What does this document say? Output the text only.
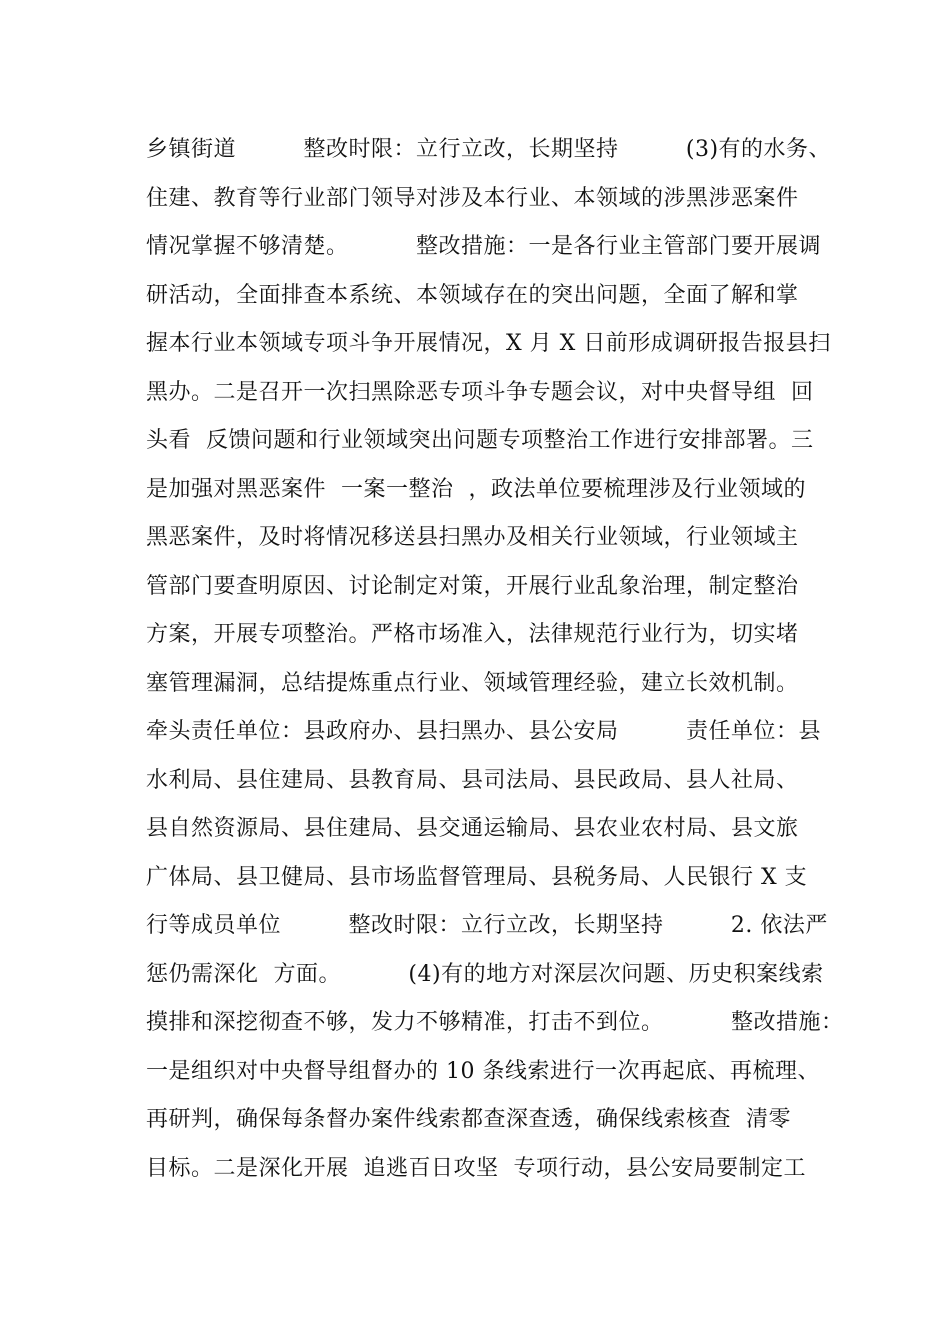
乡镇街道         整改时限：立行立改，长期坚持         (3)有的水务、
住建、教育等行业部门领导对涉及本行业、本领域的涉黑涉恶案件
情况掌握不够清楚。         整改措施：一是各行业主管部门要开展调
研活动，全面排查本系统、本领域存在的突出问题，全面了解和掌
握本行业本领域专项斗争开展情况，X 月 X 日前形成调研报告报县扫
黑办。二是召开一次扫黑除恶专项斗争专题会议，对中央督导组  回
头看  反馈问题和行业领域突出问题专项整治工作进行安排部署。三
是加强对黑恶案件  一案一整治  ，政法单位要梳理涉及行业领域的
黑恶案件，及时将情况移送县扫黑办及相关行业领域，行业领域主
管部门要查明原因、讨论制定对策，开展行业乱象治理，制定整治
方案，开展专项整治。严格市场准入，法律规范行业行为，切实堵
塞管理漏洞，总结提炼重点行业、领域管理经验，建立长效机制。
牵头责任单位：县政府办、县扫黑办、县公安局         责任单位：县
水利局、县住建局、县教育局、县司法局、县民政局、县人社局、
县自然资源局、县住建局、县交通运输局、县农业农村局、县文旅
广体局、县卫健局、县市场监督管理局、县税务局、人民银行 X 支
行等成员单位         整改时限：立行立改，长期坚持         2. 依法严
惩仍需深化  方面。         (4)有的地方对深层次问题、历史积案线索
摸排和深挖彻查不够，发力不够精准，打击不到位。         整改措施：
一是组织对中央督导组督办的 10 条线索进行一次再起底、再梳理、
再研判，确保每条督办案件线索都查深查透，确保线索核查  清零
目标。二是深化开展  追逃百日攻坚  专项行动，县公安局要制定工
